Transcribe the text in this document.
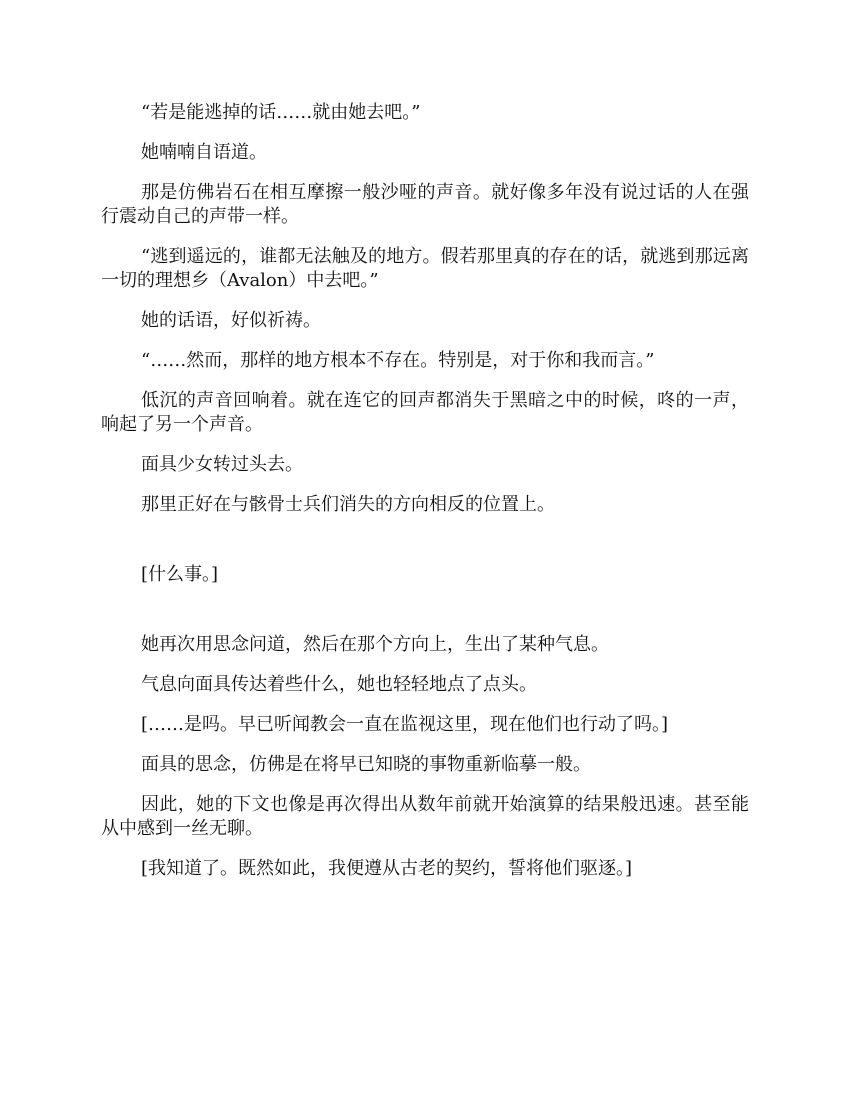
“若是能逃掉的话……就由她去吧。”

她喃喃自语道。

那是仿佛岩石在相互摩擦一般沙哑的声音。就好像多年没有说过话的人在强行震动自己的声带一样。

“逃到遥远的，谁都无法触及的地方。假若那里真的存在的话，就逃到那远离一切的理想乡（Avalon）中去吧。”

她的话语，好似祈祷。

“……然而，那样的地方根本不存在。特别是，对于你和我而言。”

低沉的声音回响着。就在连它的回声都消失于黑暗之中的时候，咚的一声，响起了另一个声音。

面具少女转过头去。

那里正好在与骸骨士兵们消失的方向相反的位置上。

[什么事。]

她再次用思念问道，然后在那个方向上，生出了某种气息。

气息向面具传达着些什么，她也轻轻地点了点头。

[……是吗。早已听闻教会一直在监视这里，现在他们也行动了吗。]

面具的思念，仿佛是在将早已知晓的事物重新临摹一般。

因此，她的下文也像是再次得出从数年前就开始演算的结果般迅速。甚至能从中感到一丝无聊。

[我知道了。既然如此，我便遵从古老的契约，誓将他们驱逐。]
